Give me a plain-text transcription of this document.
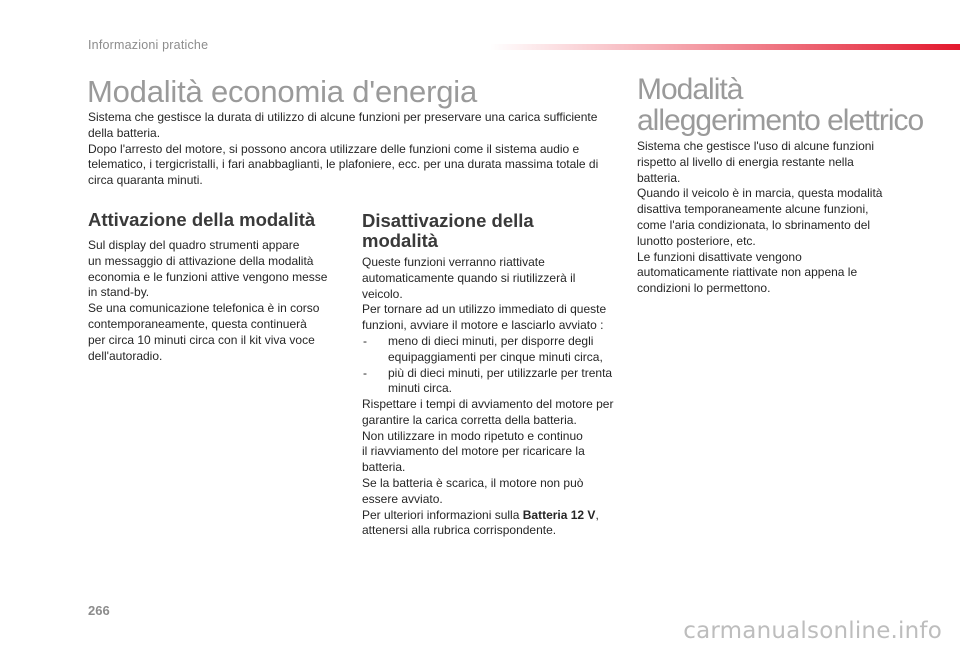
Informazioni pratiche
Modalità economia d'energia
Sistema che gestisce la durata di utilizzo di alcune funzioni per preservare una carica sufficiente
della batteria.
Dopo l'arresto del motore, si possono ancora utilizzare delle funzioni come il sistema audio e
telematico, i tergicristalli, i fari anabbaglianti, le plafoniere, ecc. per una durata massima totale di
circa quaranta minuti.
Attivazione della modalità
Sul display del quadro strumenti appare
un messaggio di attivazione della modalità
economia e le funzioni attive vengono messe
in stand-by.
Se una comunicazione telefonica è in corso
contemporaneamente, questa continuerà
per circa 10 minuti circa con il kit viva voce
dell'autoradio.
Disattivazione della
modalità
Queste funzioni verranno riattivate
automaticamente quando si riutilizzerà il
veicolo.
Per tornare ad un utilizzo immediato di queste
funzioni, avviare il motore e lasciarlo avviato :
- meno di dieci minuti, per disporre degli
equipaggiamenti per cinque minuti circa,
- più di dieci minuti, per utilizzarle per trenta
minuti circa.
Rispettare i tempi di avviamento del motore per
garantire la carica corretta della batteria.
Non utilizzare in modo ripetuto e continuo
il riavviamento del motore per ricaricare la
batteria.
Se la batteria è scarica, il motore non può
essere avviato.
Per ulteriori informazioni sulla Batteria 12 V,
attenersi alla rubrica corrispondente.
Modalità
alleggerimento elettrico
Sistema che gestisce l'uso di alcune funzioni
rispetto al livello di energia restante nella
batteria.
Quando il veicolo è in marcia, questa modalità
disattiva temporaneamente alcune funzioni,
come l'aria condizionata, lo sbrinamento del
lunotto posteriore, etc.
Le funzioni disattivate vengono
automaticamente riattivate non appena le
condizioni lo permettono.
266
carmanualsonline.info
